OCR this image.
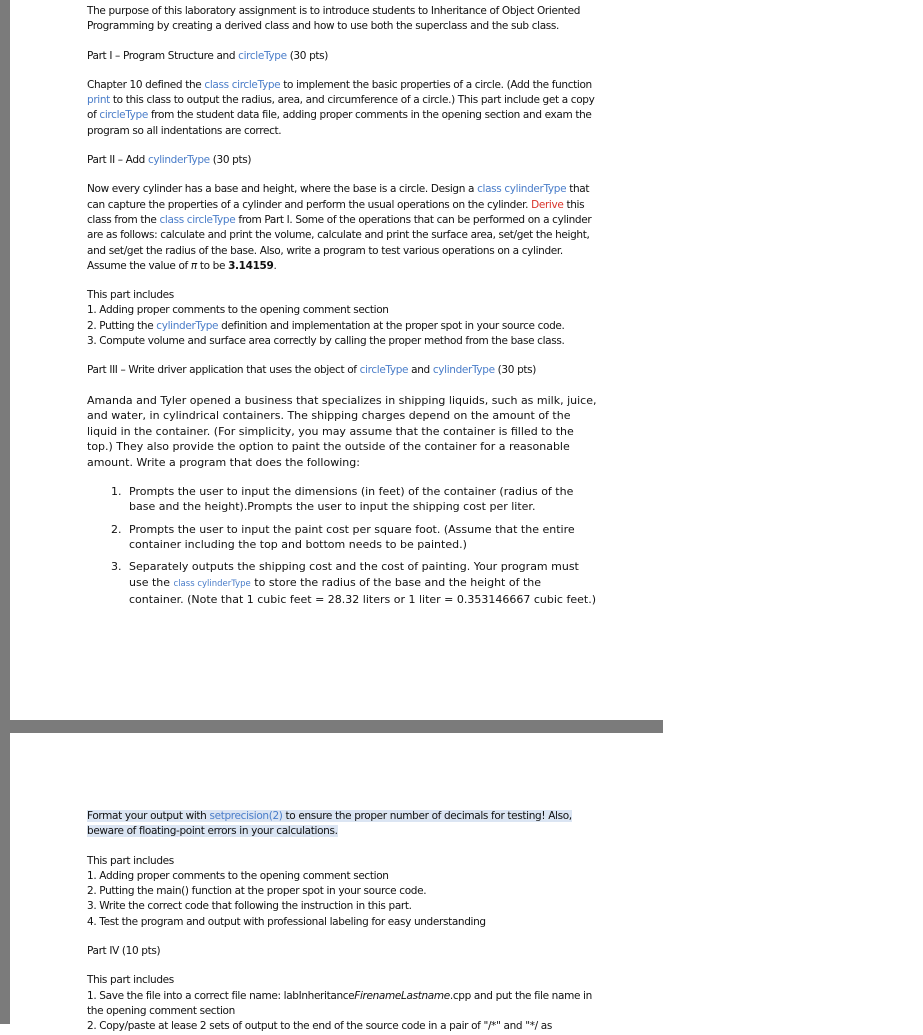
The purpose of this laboratory assignment is to introduce students to Inheritance of Object Oriented
Programming by creating a derived class and how to use both the superclass and the sub class.

Part I – Program Structure and circleType (30 pts)

Chapter 10 defined the class circleType to implement the basic properties of a circle. (Add the function print to this class to output the radius, area, and circumference of a circle.) This part include get a copy of circleType from the student data file, adding proper comments in the opening section and exam the program so all indentations are correct.

Part II – Add cylinderType (30 pts)

Now every cylinder has a base and height, where the base is a circle. Design a class cylinderType that can capture the properties of a cylinder and perform the usual operations on the cylinder. Derive this class from the class circleType from Part I. Some of the operations that can be performed on a cylinder are as follows: calculate and print the volume, calculate and print the surface area, set/get the height, and set/get the radius of the base. Also, write a program to test various operations on a cylinder.

Assume the value of π to be 3.14159.

This part includes
1. Adding proper comments to the opening comment section
2. Putting the cylinderType definition and implementation at the proper spot in your source code.
3. Compute volume and surface area correctly by calling the proper method from the base class.

Part III – Write driver application that uses the object of circleType and cylinderType (30 pts)

Amanda and Tyler opened a business that specializes in shipping liquids, such as milk, juice, and water, in cylindrical containers. The shipping charges depend on the amount of the liquid in the container. (For simplicity, you may assume that the container is filled to the top.) They also provide the option to paint the outside of the container for a reasonable amount. Write a program that does the following:

1. Prompts the user to input the dimensions (in feet) of the container (radius of the base and the height).Prompts the user to input the shipping cost per liter.
2. Prompts the user to input the paint cost per square foot. (Assume that the entire container including the top and bottom needs to be painted.)
3. Separately outputs the shipping cost and the cost of painting. Your program must use the class cylinderType to store the radius of the base and the height of the container. (Note that 1 cubic feet = 28.32 liters or 1 liter = 0.353146667 cubic feet.)

Format your output with setprecision(2) to ensure the proper number of decimals for testing! Also, beware of floating-point errors in your calculations.

This part includes
1. Adding proper comments to the opening comment section
2. Putting the main() function at the proper spot in your source code.
3. Write the correct code that following the instruction in this part.
4. Test the program and output with professional labeling for easy understanding

Part IV (10 pts)

This part includes
1. Save the file into a correct file name: labInheritanceFirenameLastname.cpp and put the file name in the opening comment section
2. Copy/paste at lease 2 sets of output to the end of the source code in a pair of "/*" and "*/ as
